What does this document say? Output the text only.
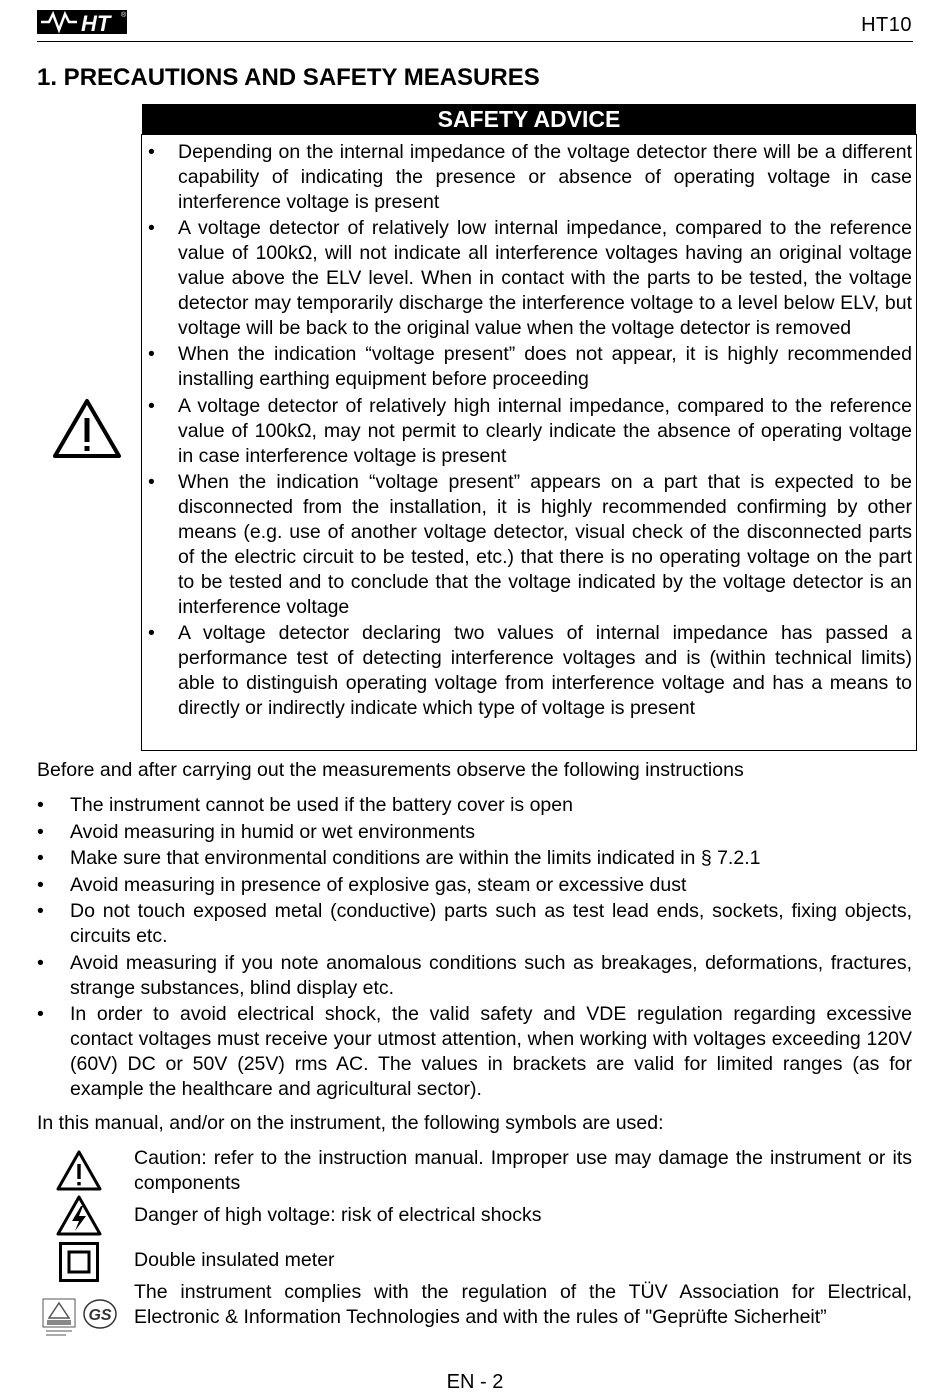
HT ®	HT10
1. PRECAUTIONS AND SAFETY MEASURES
SAFETY ADVICE
• Depending on the internal impedance of the voltage detector there will be a different capability of indicating the presence or absence of operating voltage in case interference voltage is present
• A voltage detector of relatively low internal impedance, compared to the reference value of 100kΩ, will not indicate all interference voltages having an original voltage value above the ELV level. When in contact with the parts to be tested, the voltage detector may temporarily discharge the interference voltage to a level below ELV, but voltage will be back to the original value when the voltage detector is removed
• When the indication “voltage present” does not appear, it is highly recommended installing earthing equipment before proceeding
• A voltage detector of relatively high internal impedance, compared to the reference value of 100kΩ, may not permit to clearly indicate the absence of operating voltage in case interference voltage is present
• When the indication “voltage present” appears on a part that is expected to be disconnected from the installation, it is highly recommended confirming by other means (e.g. use of another voltage detector, visual check of the disconnected parts of the electric circuit to be tested, etc.) that there is no operating voltage on the part to be tested and to conclude that the voltage indicated by the voltage detector is an interference voltage
• A voltage detector declaring two values of internal impedance has passed a performance test of detecting interference voltages and is (within technical limits) able to distinguish operating voltage from interference voltage and has a means to directly or indirectly indicate which type of voltage is present
Before and after carrying out the measurements observe the following instructions
• The instrument cannot be used if the battery cover is open
• Avoid measuring in humid or wet environments
• Make sure that environmental conditions are within the limits indicated in § 7.2.1
• Avoid measuring in presence of explosive gas, steam or excessive dust
• Do not touch exposed metal (conductive) parts such as test lead ends, sockets, fixing objects, circuits etc.
• Avoid measuring if you note anomalous conditions such as breakages, deformations, fractures, strange substances, blind display etc.
• In order to avoid electrical shock, the valid safety and VDE regulation regarding excessive contact voltages must receive your utmost attention, when working with voltages exceeding 120V (60V) DC or 50V (25V) rms AC. The values in brackets are valid for limited ranges (as for example the healthcare and agricultural sector).
In this manual, and/or on the instrument, the following symbols are used:
Caution: refer to the instruction manual. Improper use may damage the instrument or its components
Danger of high voltage: risk of electrical shocks
Double insulated meter
GS
The instrument complies with the regulation of the TÜV Association for Electrical, Electronic & Information Technologies and with the rules of "Geprüfte Sicherheit”
EN - 2
